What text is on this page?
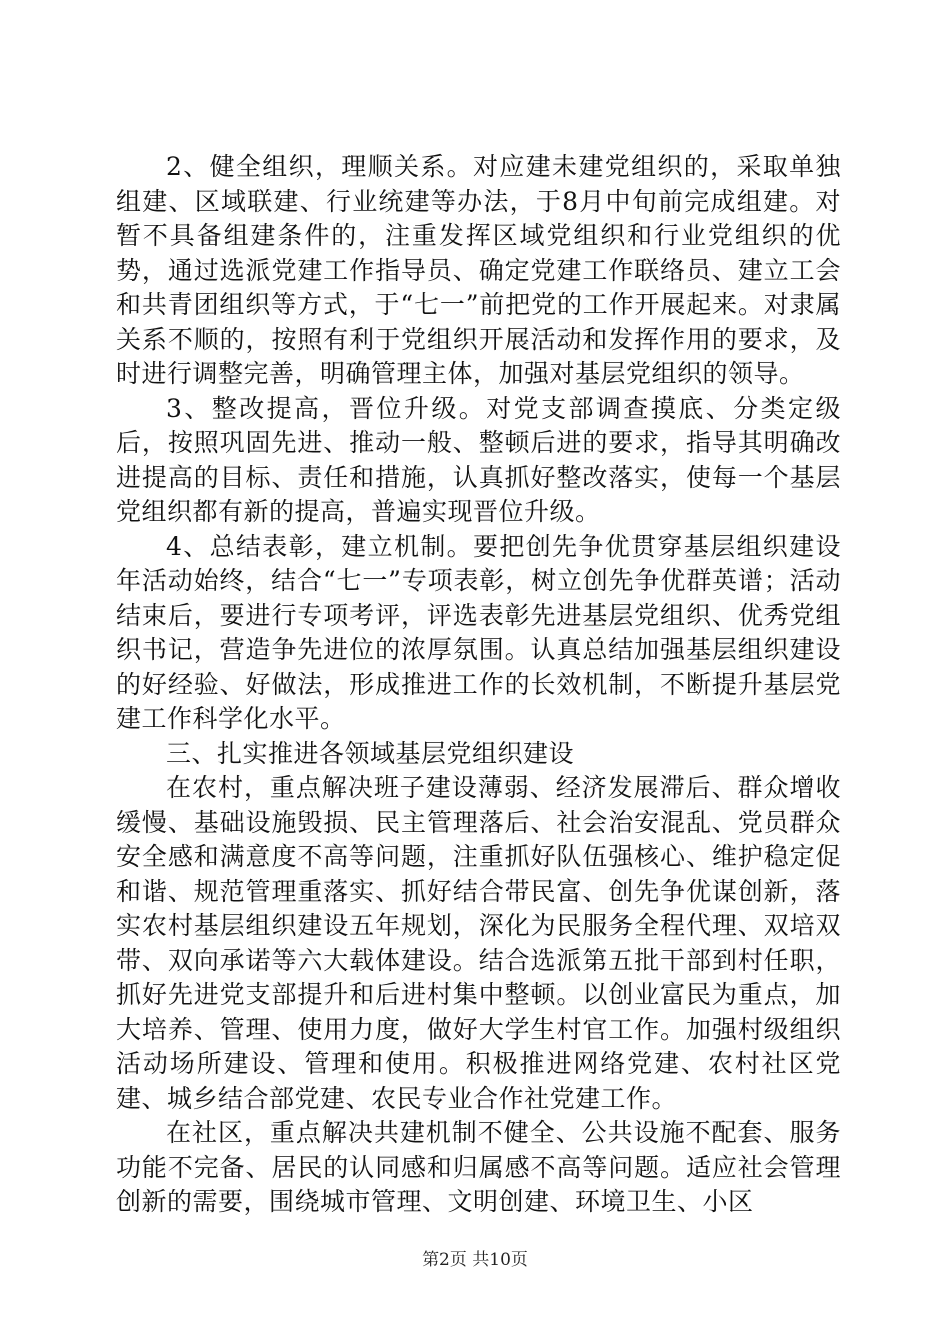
2、健全组织，理顺关系。对应建未建党组织的，采取单独组建、区域联建、行业统建等办法，于8月中旬前完成组建。对暂不具备组建条件的，注重发挥区域党组织和行业党组织的优势，通过选派党建工作指导员、确定党建工作联络员、建立工会和共青团组织等方式，于“七一”前把党的工作开展起来。对隶属关系不顺的，按照有利于党组织开展活动和发挥作用的要求，及时进行调整完善，明确管理主体，加强对基层党组织的领导。

3、整改提高，晋位升级。对党支部调查摸底、分类定级后，按照巩固先进、推动一般、整顿后进的要求，指导其明确改进提高的目标、责任和措施，认真抓好整改落实，使每一个基层党组织都有新的提高，普遍实现晋位升级。

4、总结表彰，建立机制。要把创先争优贯穿基层组织建设年活动始终，结合“七一”专项表彰，树立创先争优群英谱；活动结束后，要进行专项考评，评选表彰先进基层党组织、优秀党组织书记，营造争先进位的浓厚氛围。认真总结加强基层组织建设的好经验、好做法，形成推进工作的长效机制，不断提升基层党建工作科学化水平。

三、扎实推进各领域基层党组织建设

在农村，重点解决班子建设薄弱、经济发展滞后、群众增收缓慢、基础设施毁损、民主管理落后、社会治安混乱、党员群众安全感和满意度不高等问题，注重抓好队伍强核心、维护稳定促和谐、规范管理重落实、抓好结合带民富、创先争优谋创新，落实农村基层组织建设五年规划，深化为民服务全程代理、双培双带、双向承诺等六大载体建设。结合选派第五批干部到村任职，抓好先进党支部提升和后进村集中整顿。以创业富民为重点，加大培养、管理、使用力度，做好大学生村官工作。加强村级组织活动场所建设、管理和使用。积极推进网络党建、农村社区党建、城乡结合部党建、农民专业合作社党建工作。

在社区，重点解决共建机制不健全、公共设施不配套、服务功能不完备、居民的认同感和归属感不高等问题。适应社会管理创新的需要，围绕城市管理、文明创建、环境卫生、小区

第2页 共10页
